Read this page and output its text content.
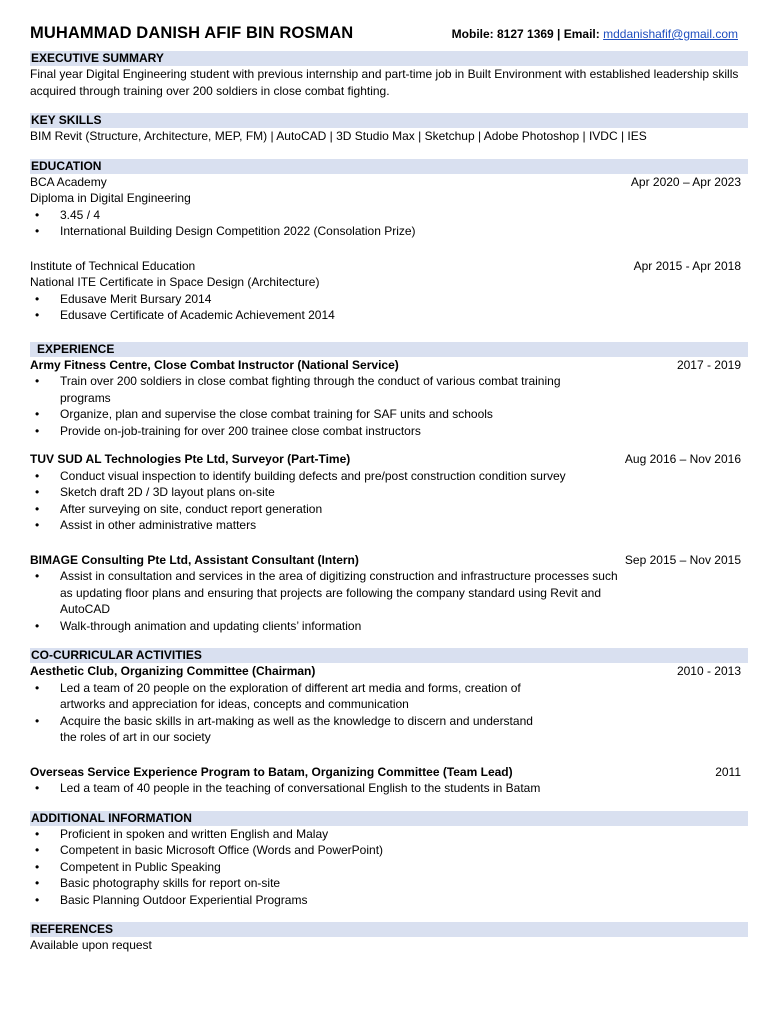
MUHAMMAD DANISH AFIF BIN ROSMAN	Mobile: 8127 1369 | Email: mddanishafif@gmail.com
EXECUTIVE SUMMARY
Final year Digital Engineering student with previous internship and part-time job in Built Environment with established leadership skills acquired through training over 200 soldiers in close combat fighting.
KEY SKILLS
BIM Revit (Structure, Architecture, MEP, FM) | AutoCAD | 3D Studio Max | Sketchup | Adobe Photoshop | IVDC | IES
EDUCATION
BCA Academy	Apr 2020 – Apr 2023
Diploma in Digital Engineering
• 3.45 / 4
• International Building Design Competition 2022 (Consolation Prize)
Institute of Technical Education	Apr 2015 - Apr 2018
National ITE Certificate in Space Design (Architecture)
• Edusave Merit Bursary 2014
• Edusave Certificate of Academic Achievement 2014
EXPERIENCE
Army Fitness Centre, Close Combat Instructor (National Service)	2017 - 2019
• Train over 200 soldiers in close combat fighting through the conduct of various combat training programs
• Organize, plan and supervise the close combat training for SAF units and schools
• Provide on-job-training for over 200 trainee close combat instructors
TUV SUD AL Technologies Pte Ltd, Surveyor (Part-Time)	Aug 2016 – Nov 2016
• Conduct visual inspection to identify building defects and pre/post construction condition survey
• Sketch draft 2D / 3D layout plans on-site
• After surveying on site, conduct report generation
• Assist in other administrative matters
BIMAGE Consulting Pte Ltd, Assistant Consultant (Intern)	Sep 2015 – Nov 2015
• Assist in consultation and services in the area of digitizing construction and infrastructure processes such as updating floor plans and ensuring that projects are following the company standard using Revit and AutoCAD
• Walk-through animation and updating clients’ information
CO-CURRICULAR ACTIVITIES
Aesthetic Club, Organizing Committee (Chairman)	2010 - 2013
• Led a team of 20 people on the exploration of different art media and forms, creation of artworks and appreciation for ideas, concepts and communication
• Acquire the basic skills in art-making as well as the knowledge to discern and understand the roles of art in our society
Overseas Service Experience Program to Batam, Organizing Committee (Team Lead)	2011
• Led a team of 40 people in the teaching of conversational English to the students in Batam
ADDITIONAL INFORMATION
• Proficient in spoken and written English and Malay
• Competent in basic Microsoft Office (Words and PowerPoint)
• Competent in Public Speaking
• Basic photography skills for report on-site
• Basic Planning Outdoor Experiential Programs
REFERENCES
Available upon request
